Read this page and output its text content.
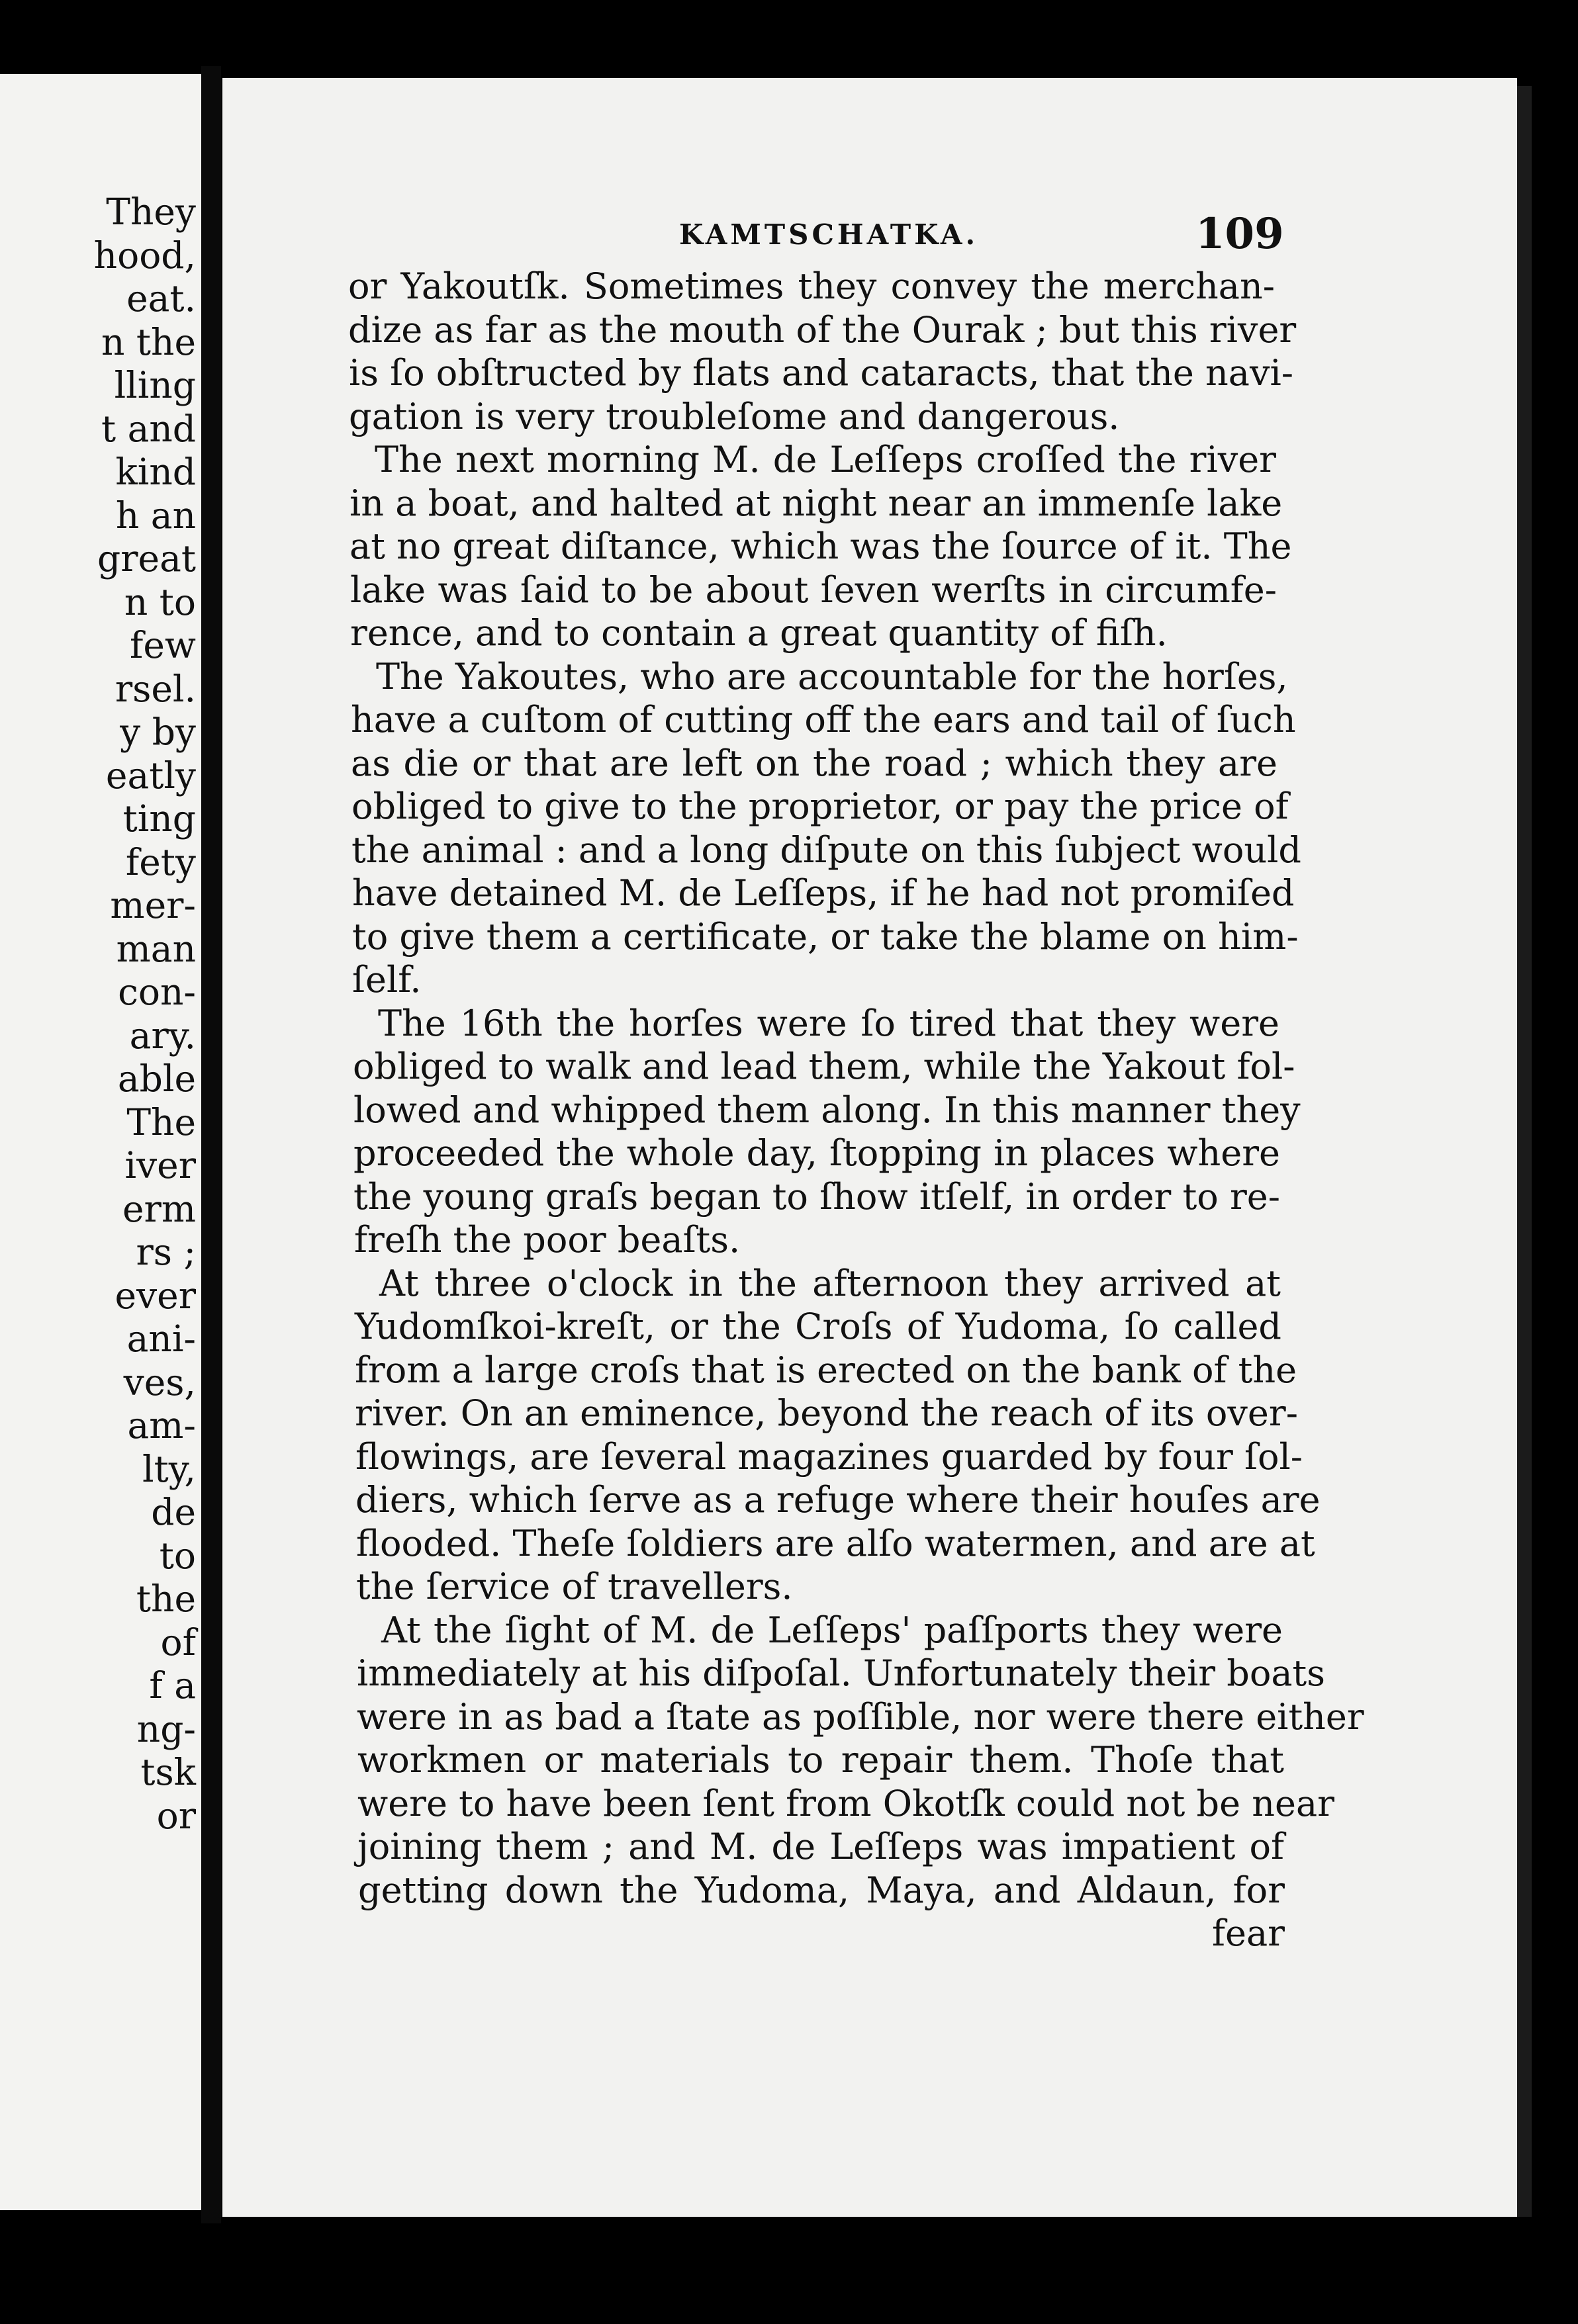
They
hood,
eat.
n the
lling
t and
kind
h an
great
n to
few
rsel.
y by
eatly
ting
fety
mer-
man
con-
ary.
able
The
iver
erm
rs ;
ever
ani-
ves,
am-
lty,
de
to
the
of
f a
ng-
tsk
or
KAMTSCHATKA.	109
or Yakoutſk. Sometimes they convey the merchan-
dize as far as the mouth of the Ourak ; but this river
is ſo obſtructed by flats and cataracts, that the navi-
gation is very troubleſome and dangerous.
The next morning M. de Leſſeps croſſed the river
in a boat, and halted at night near an immenſe lake
at no great diſtance, which was the ſource of it. The
lake was ſaid to be about ſeven werſts in circumfe-
rence, and to contain a great quantity of fiſh.
The Yakoutes, who are accountable for the horſes,
have a cuſtom of cutting off the ears and tail of ſuch
as die or that are left on the road ; which they are
obliged to give to the proprietor, or pay the price of
the animal : and a long diſpute on this ſubject would
have detained M. de Leſſeps, if he had not promiſed
to give them a certificate, or take the blame on him-
ſelf.
The 16th the horſes were ſo tired that they were
obliged to walk and lead them, while the Yakout fol-
lowed and whipped them along. In this manner they
proceeded the whole day, ſtopping in places where
the young graſs began to ſhow itſelf, in order to re-
freſh the poor beaſts.
At three o'clock in the afternoon they arrived at
Yudomſkoi-kreſt, or the Croſs of Yudoma, ſo called
from a large croſs that is erected on the bank of the
river. On an eminence, beyond the reach of its over-
flowings, are ſeveral magazines guarded by four ſol-
diers, which ſerve as a refuge where their houſes are
flooded. Theſe ſoldiers are alſo watermen, and are at
the ſervice of travellers.
At the ſight of M. de Leſſeps' paſſports they were
immediately at his diſpoſal. Unfortunately their boats
were in as bad a ſtate as poſſible, nor were there either
workmen or materials to repair them. Thoſe that
were to have been ſent from Okotſk could not be near
joining them ; and M. de Leſſeps was impatient of
getting down the Yudoma, Maya, and Aldaun, for
fear
